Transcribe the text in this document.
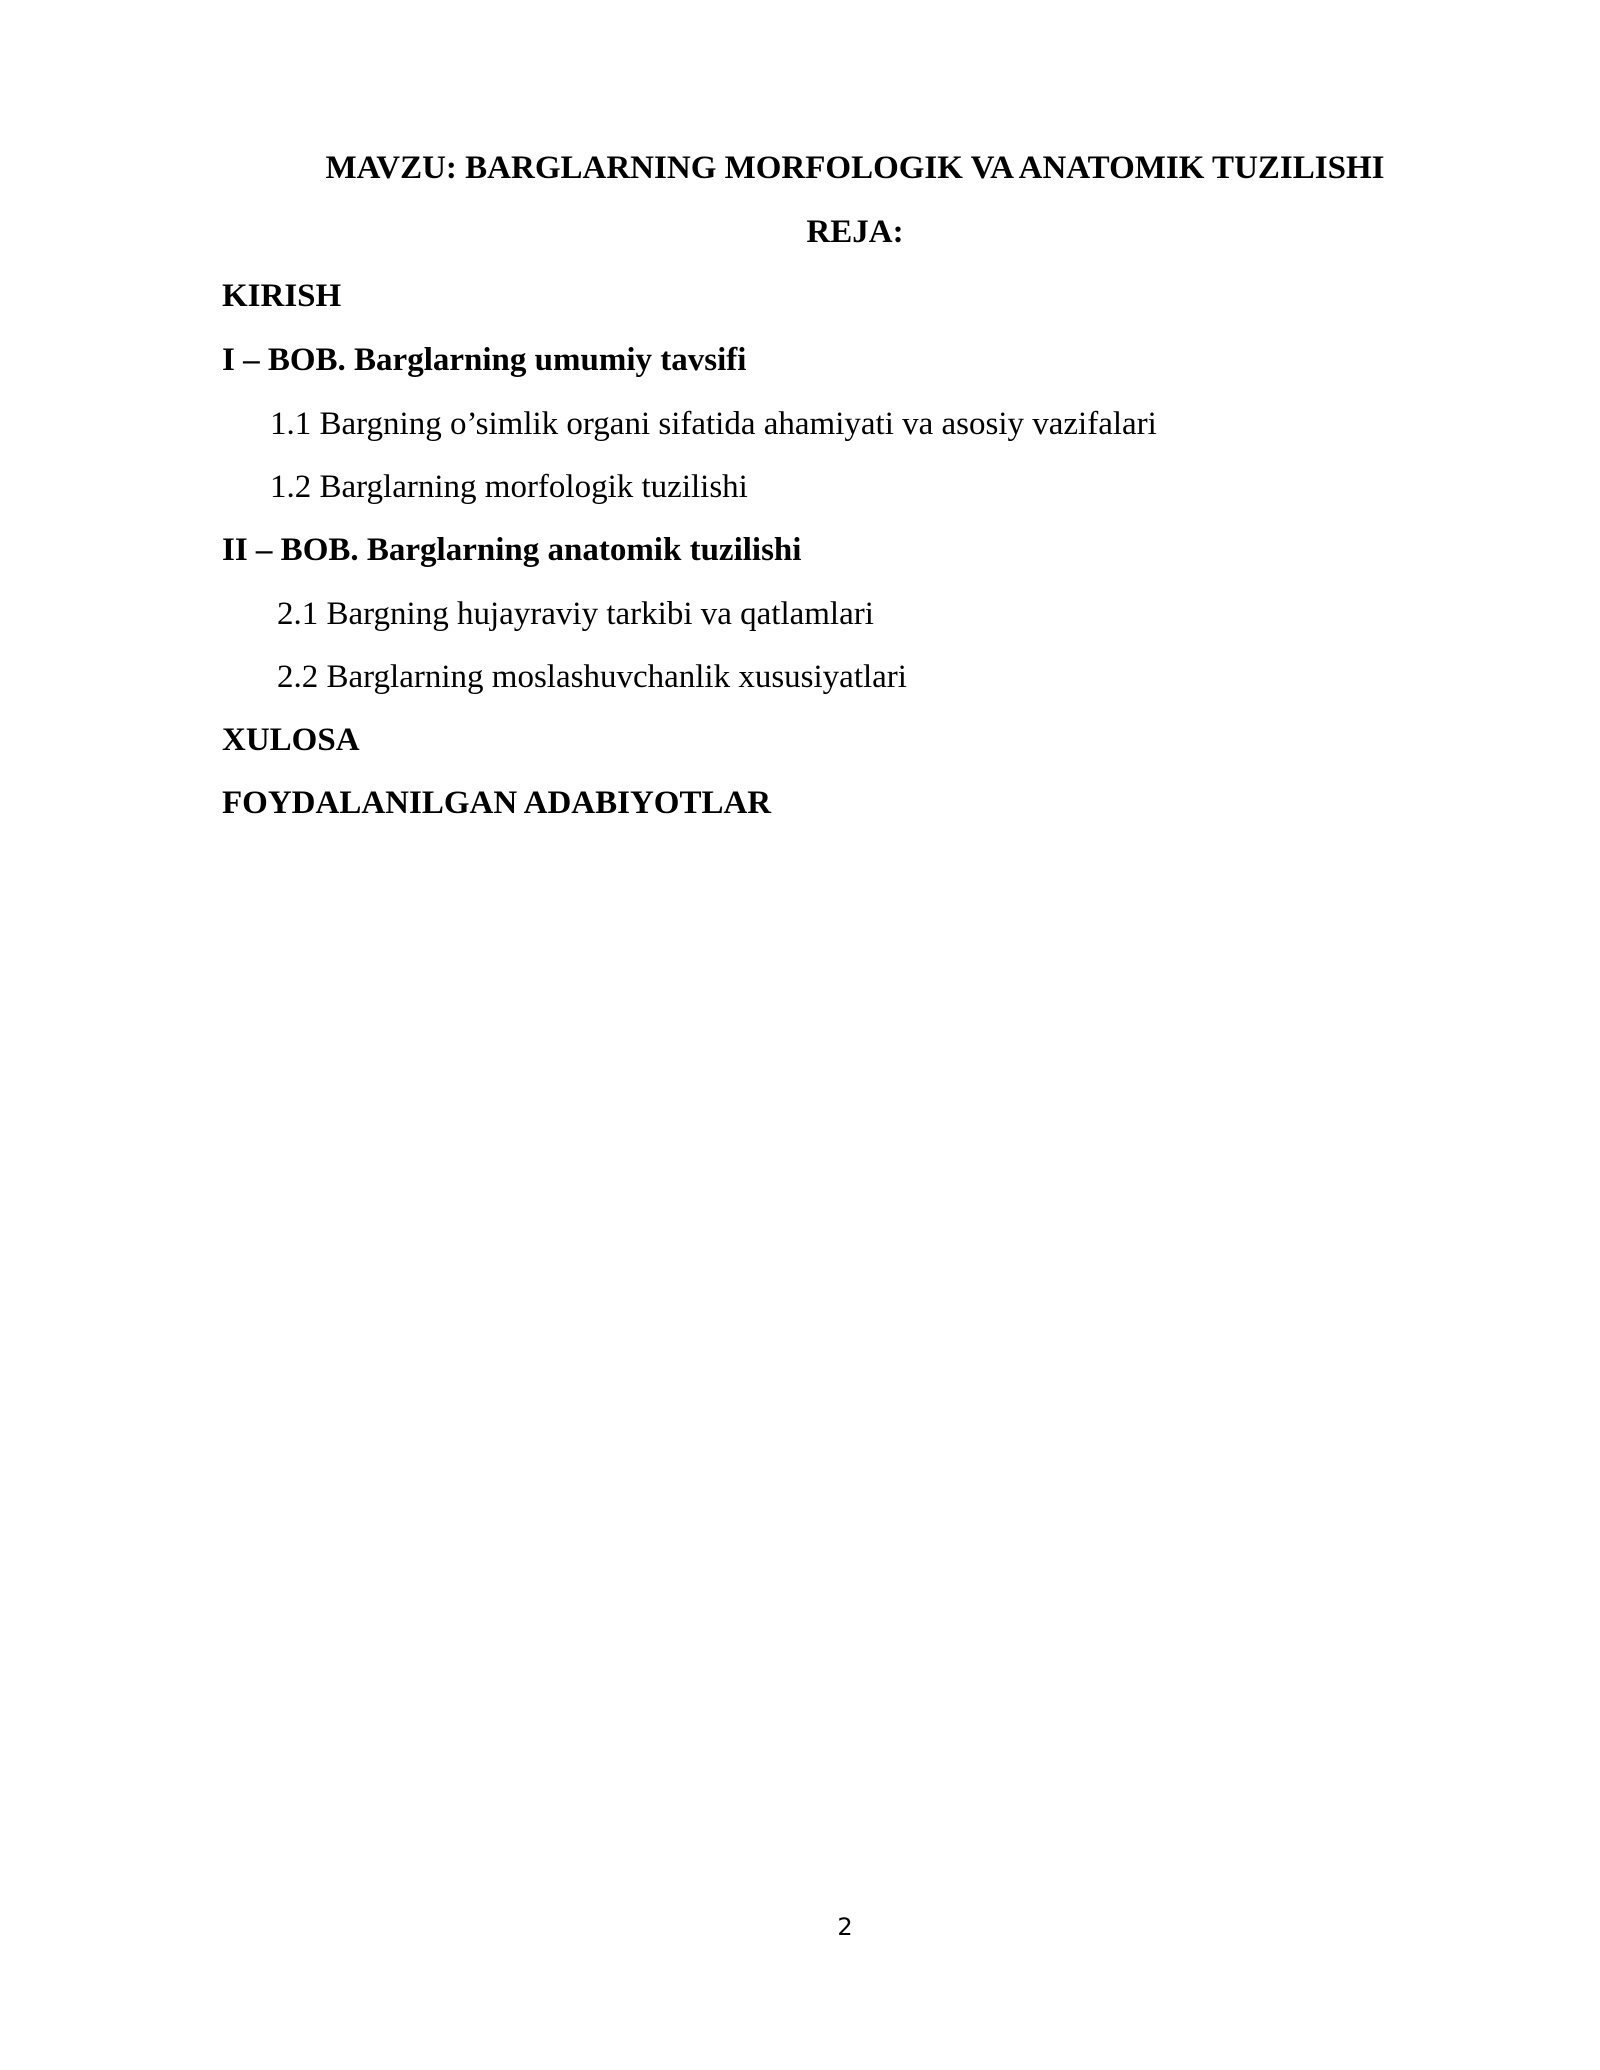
MAVZU: BARGLARNING MORFOLOGIK VA ANATOMIK TUZILISHI
REJA:
KIRISH
I – BOB. Barglarning umumiy tavsifi
1.1 Bargning o’simlik organi sifatida ahamiyati va asosiy vazifalari
1.2 Barglarning morfologik tuzilishi
II – BOB. Barglarning anatomik tuzilishi
2.1 Bargning hujayraviy tarkibi va qatlamlari
2.2 Barglarning moslashuvchanlik xususiyatlari
XULOSA
FOYDALANILGAN ADABIYOTLAR
2
